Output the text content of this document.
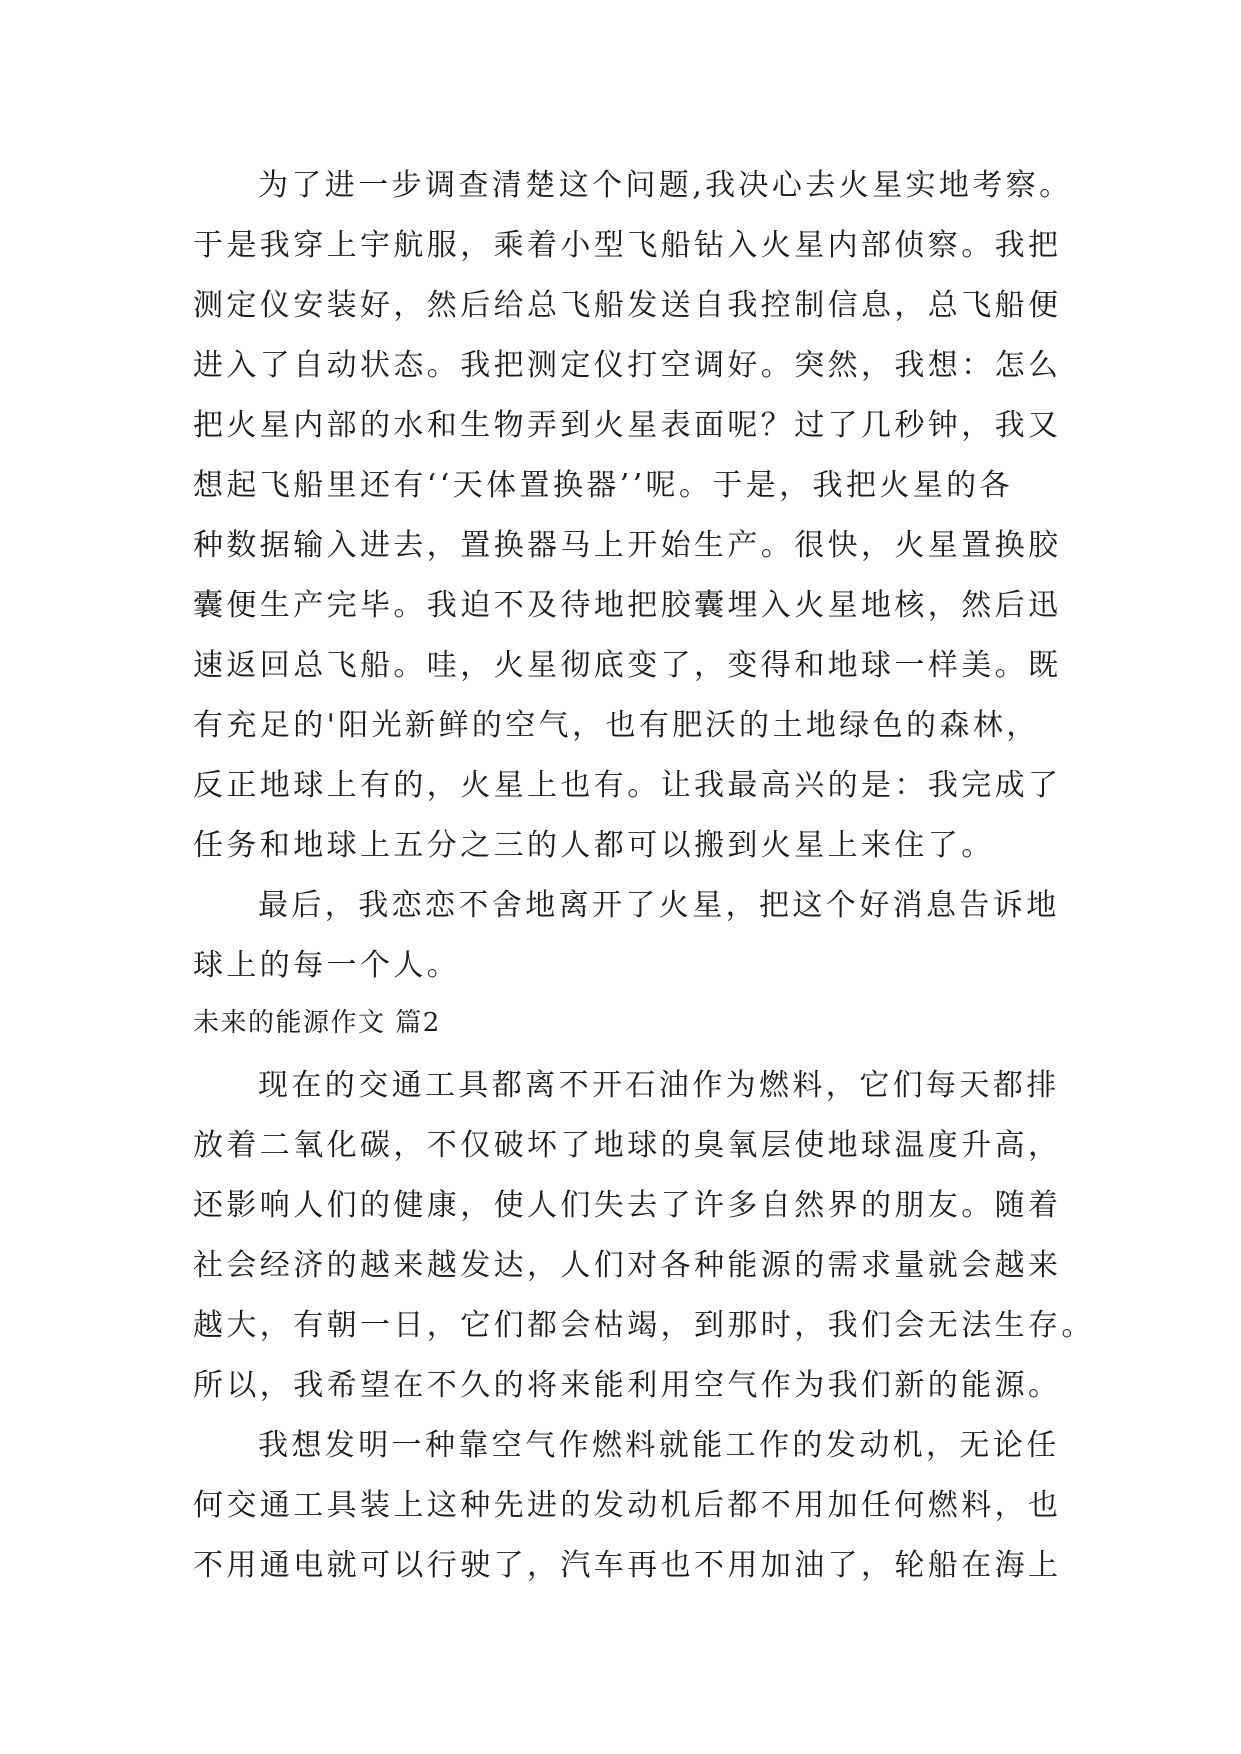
为了进一步调查清楚这个问题,我决心去火星实地考察。
于是我穿上宇航服，乘着小型飞船钻入火星内部侦察。我把
测定仪安装好，然后给总飞船发送自我控制信息，总飞船便
进入了自动状态。我把测定仪打空调好。突然，我想：怎么
把火星内部的水和生物弄到火星表面呢？过了几秒钟，我又
想起飞船里还有‘‘天体置换器’’呢。于是，我把火星的各
种数据输入进去，置换器马上开始生产。很快，火星置换胶
囊便生产完毕。我迫不及待地把胶囊埋入火星地核，然后迅
速返回总飞船。哇，火星彻底变了，变得和地球一样美。既
有充足的'阳光新鲜的空气，也有肥沃的土地绿色的森林，
反正地球上有的，火星上也有。让我最高兴的是：我完成了
任务和地球上五分之三的人都可以搬到火星上来住了。
最后，我恋恋不舍地离开了火星，把这个好消息告诉地
球上的每一个人。
未来的能源作文 篇2
现在的交通工具都离不开石油作为燃料，它们每天都排
放着二氧化碳，不仅破坏了地球的臭氧层使地球温度升高，
还影响人们的健康，使人们失去了许多自然界的朋友。随着
社会经济的越来越发达，人们对各种能源的需求量就会越来
越大，有朝一日，它们都会枯竭，到那时，我们会无法生存。
所以，我希望在不久的将来能利用空气作为我们新的能源。
我想发明一种靠空气作燃料就能工作的发动机，无论任
何交通工具装上这种先进的发动机后都不用加任何燃料，也
不用通电就可以行驶了，汽车再也不用加油了，轮船在海上
